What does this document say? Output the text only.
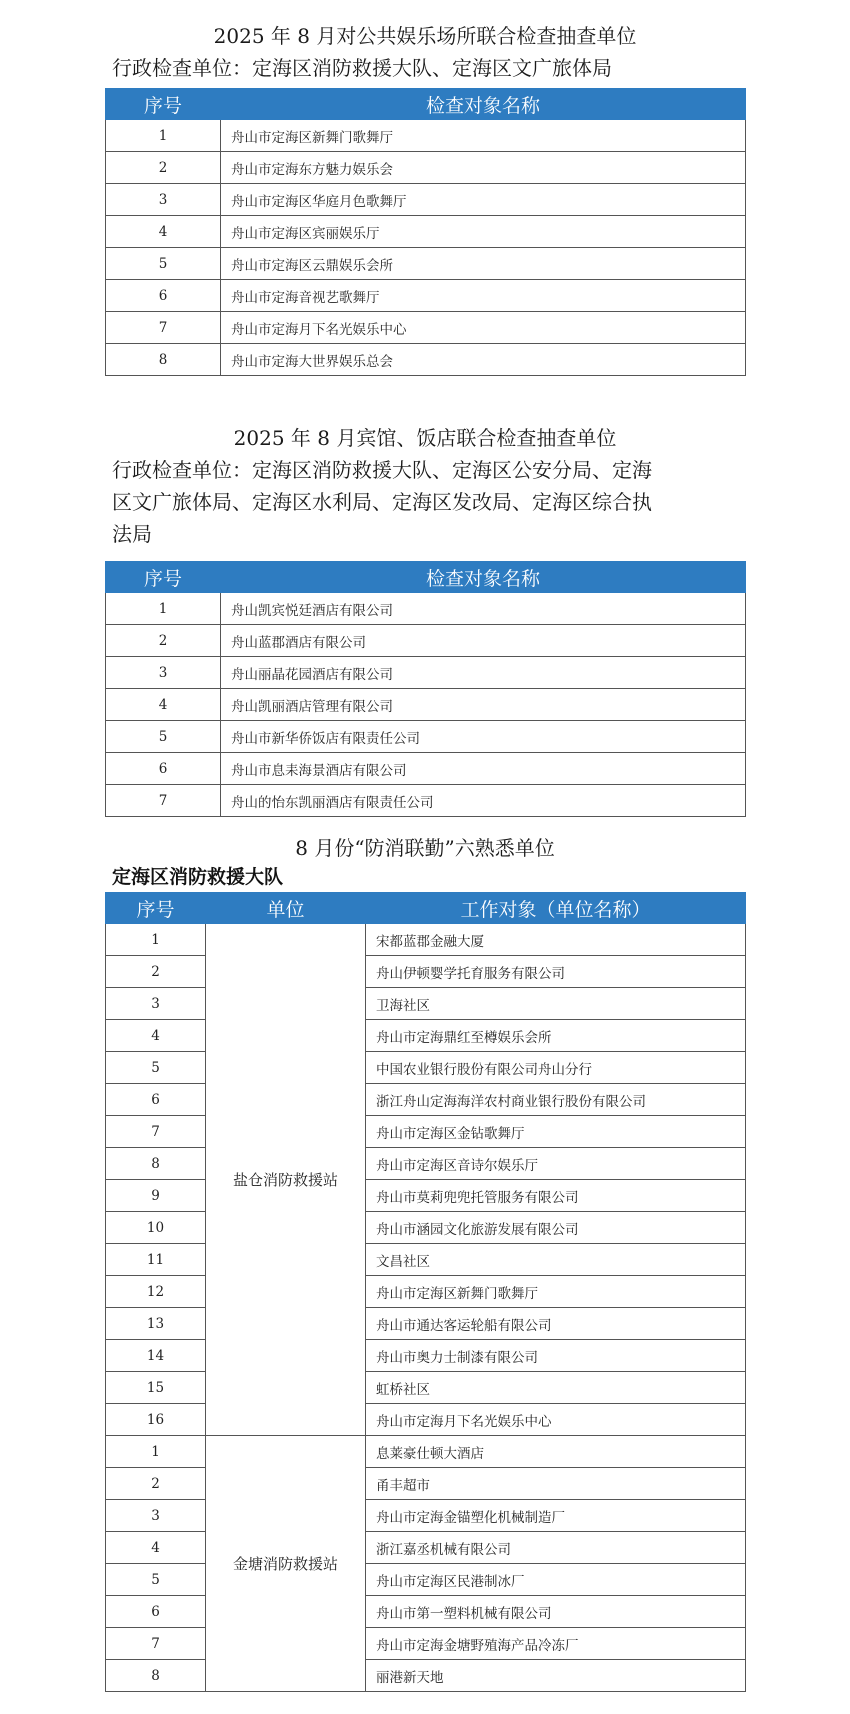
2025 年 8 月对公共娱乐场所联合检查抽查单位
行政检查单位：定海区消防救援大队、定海区文广旅体局
序号	检查对象名称
1	舟山市定海区新舞门歌舞厅
2	舟山市定海东方魅力娱乐会
3	舟山市定海区华庭月色歌舞厅
4	舟山市定海区宾丽娱乐厅
5	舟山市定海区云鼎娱乐会所
6	舟山市定海音视艺歌舞厅
7	舟山市定海月下名光娱乐中心
8	舟山市定海大世界娱乐总会
2025 年 8 月宾馆、饭店联合检查抽查单位
行政检查单位：定海区消防救援大队、定海区公安分局、定海
区文广旅体局、定海区水利局、定海区发改局、定海区综合执
法局
序号	检查对象名称
1	舟山凯宾悦廷酒店有限公司
2	舟山蓝郡酒店有限公司
3	舟山丽晶花园酒店有限公司
4	舟山凯丽酒店管理有限公司
5	舟山市新华侨饭店有限责任公司
6	舟山市息耒海景酒店有限公司
7	舟山的怡东凯丽酒店有限责任公司
8 月份“防消联勤”六熟悉单位
定海区消防救援大队
序号	单位	工作对象（单位名称）
1	盐仓消防救援站	宋都蓝郡金融大厦
2		舟山伊顿婴学托育服务有限公司
3		卫海社区
4		舟山市定海鼎红至樽娱乐会所
5		中国农业银行股份有限公司舟山分行
6		浙江舟山定海海洋农村商业银行股份有限公司
7		舟山市定海区金钻歌舞厅
8		舟山市定海区音诗尔娱乐厅
9		舟山市莫莉兜兜托管服务有限公司
10		舟山市涵园文化旅游发展有限公司
11		文昌社区
12		舟山市定海区新舞门歌舞厅
13		舟山市通达客运轮船有限公司
14		舟山市奥力士制漆有限公司
15		虹桥社区
16		舟山市定海月下名光娱乐中心
1	金塘消防救援站	息莱豪仕顿大酒店
2		甬丰超市
3		舟山市定海金锚塑化机械制造厂
4		浙江嘉丞机械有限公司
5		舟山市定海区民港制冰厂
6		舟山市第一塑料机械有限公司
7		舟山市定海金塘野殖海产品冷冻厂
8		丽港新天地
